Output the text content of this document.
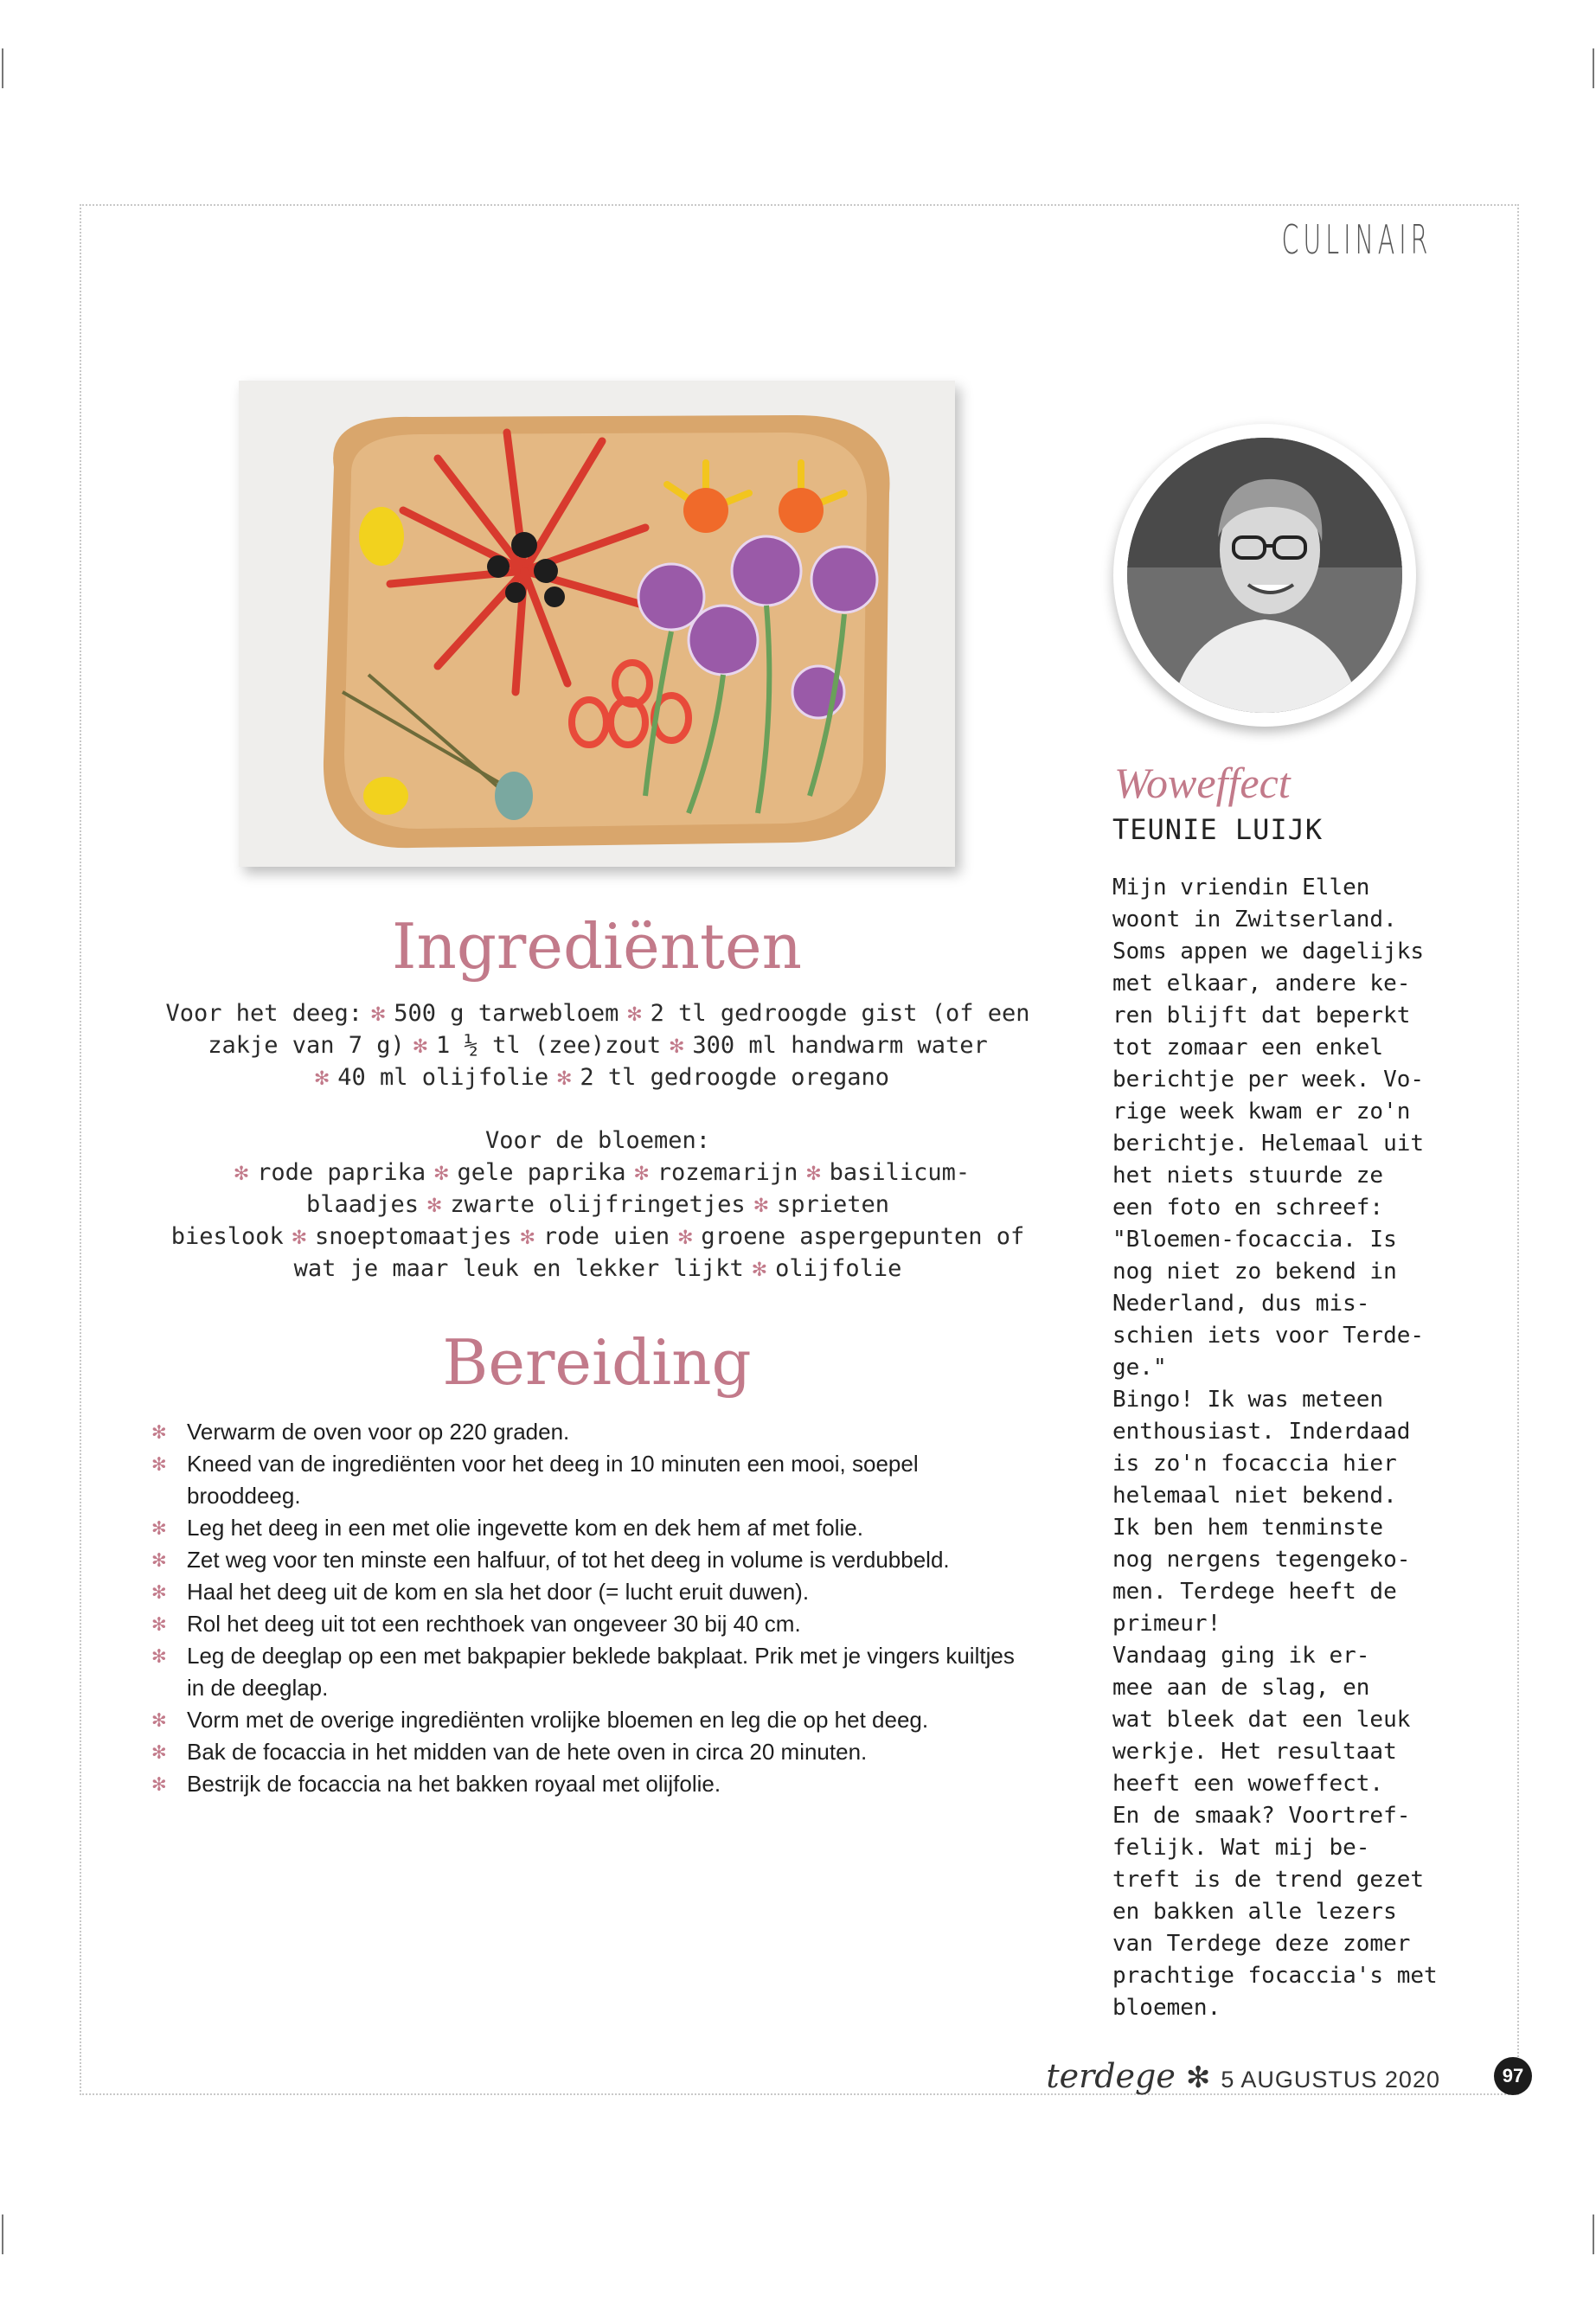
CULINAIR
Ingrediënten
Voor het deeg: ✻ 500 g tarwebloem ✻ 2 tl gedroogde gist (of een zakje van 7 g) ✻ 1 ½ tl (zee)zout ✻ 300 ml handwarm water
✻ 40 ml olijfolie ✻ 2 tl gedroogde oregano
Voor de bloemen:
✻ rode paprika ✻ gele paprika ✻ rozemarijn ✻ basilicum-blaadjes ✻ zwarte olijfringetjes ✻ sprieten bieslook ✻ snoeptomaatjes ✻ rode uien ✻ groene aspergepunten of wat je maar leuk en lekker lijkt ✻ olijfolie
Bereiding
✻ Verwarm de oven voor op 220 graden.
✻ Kneed van de ingrediënten voor het deeg in 10 minuten een mooi, soepel brooddeeg.
✻ Leg het deeg in een met olie ingevette kom en dek hem af met folie.
✻ Zet weg voor ten minste een halfuur, of tot het deeg in volume is verdubbeld.
✻ Haal het deeg uit de kom en sla het door (= lucht eruit duwen).
✻ Rol het deeg uit tot een rechthoek van ongeveer 30 bij 40 cm.
✻ Leg de deeglap op een met bakpapier beklede bakplaat. Prik met je vingers kuiltjes in de deeglap.
✻ Vorm met de overige ingrediënten vrolijke bloemen en leg die op het deeg.
✻ Bak de focaccia in het midden van de hete oven in circa 20 minuten.
✻ Bestrijk de focaccia na het bakken royaal met olijfolie.
Woweffect
TEUNIE LUIJK
Mijn vriendin Ellen
woont in Zwitserland.
Soms appen we dagelijks
met elkaar, andere ke-
ren blijft dat beperkt
tot zomaar een enkel
berichtje per week. Vo-
rige week kwam er zo'n
berichtje. Helemaal uit
het niets stuurde ze
een foto en schreef:
"Bloemen-focaccia. Is
nog niet zo bekend in
Nederland, dus mis-
schien iets voor Terde-
ge."
Bingo! Ik was meteen
enthousiast. Inderdaad
is zo'n focaccia hier
helemaal niet bekend.
Ik ben hem tenminste
nog nergens tegengeko-
men. Terdege heeft de
primeur!
Vandaag ging ik er-
mee aan de slag, en
wat bleek dat een leuk
werkje. Het resultaat
heeft een woweffect.
En de smaak? Voortref-
felijk. Wat mij be-
treft is de trend gezet
en bakken alle lezers
van Terdege deze zomer
prachtige focaccia's met
bloemen.
terdege ✻ 5 AUGUSTUS 2020	97
